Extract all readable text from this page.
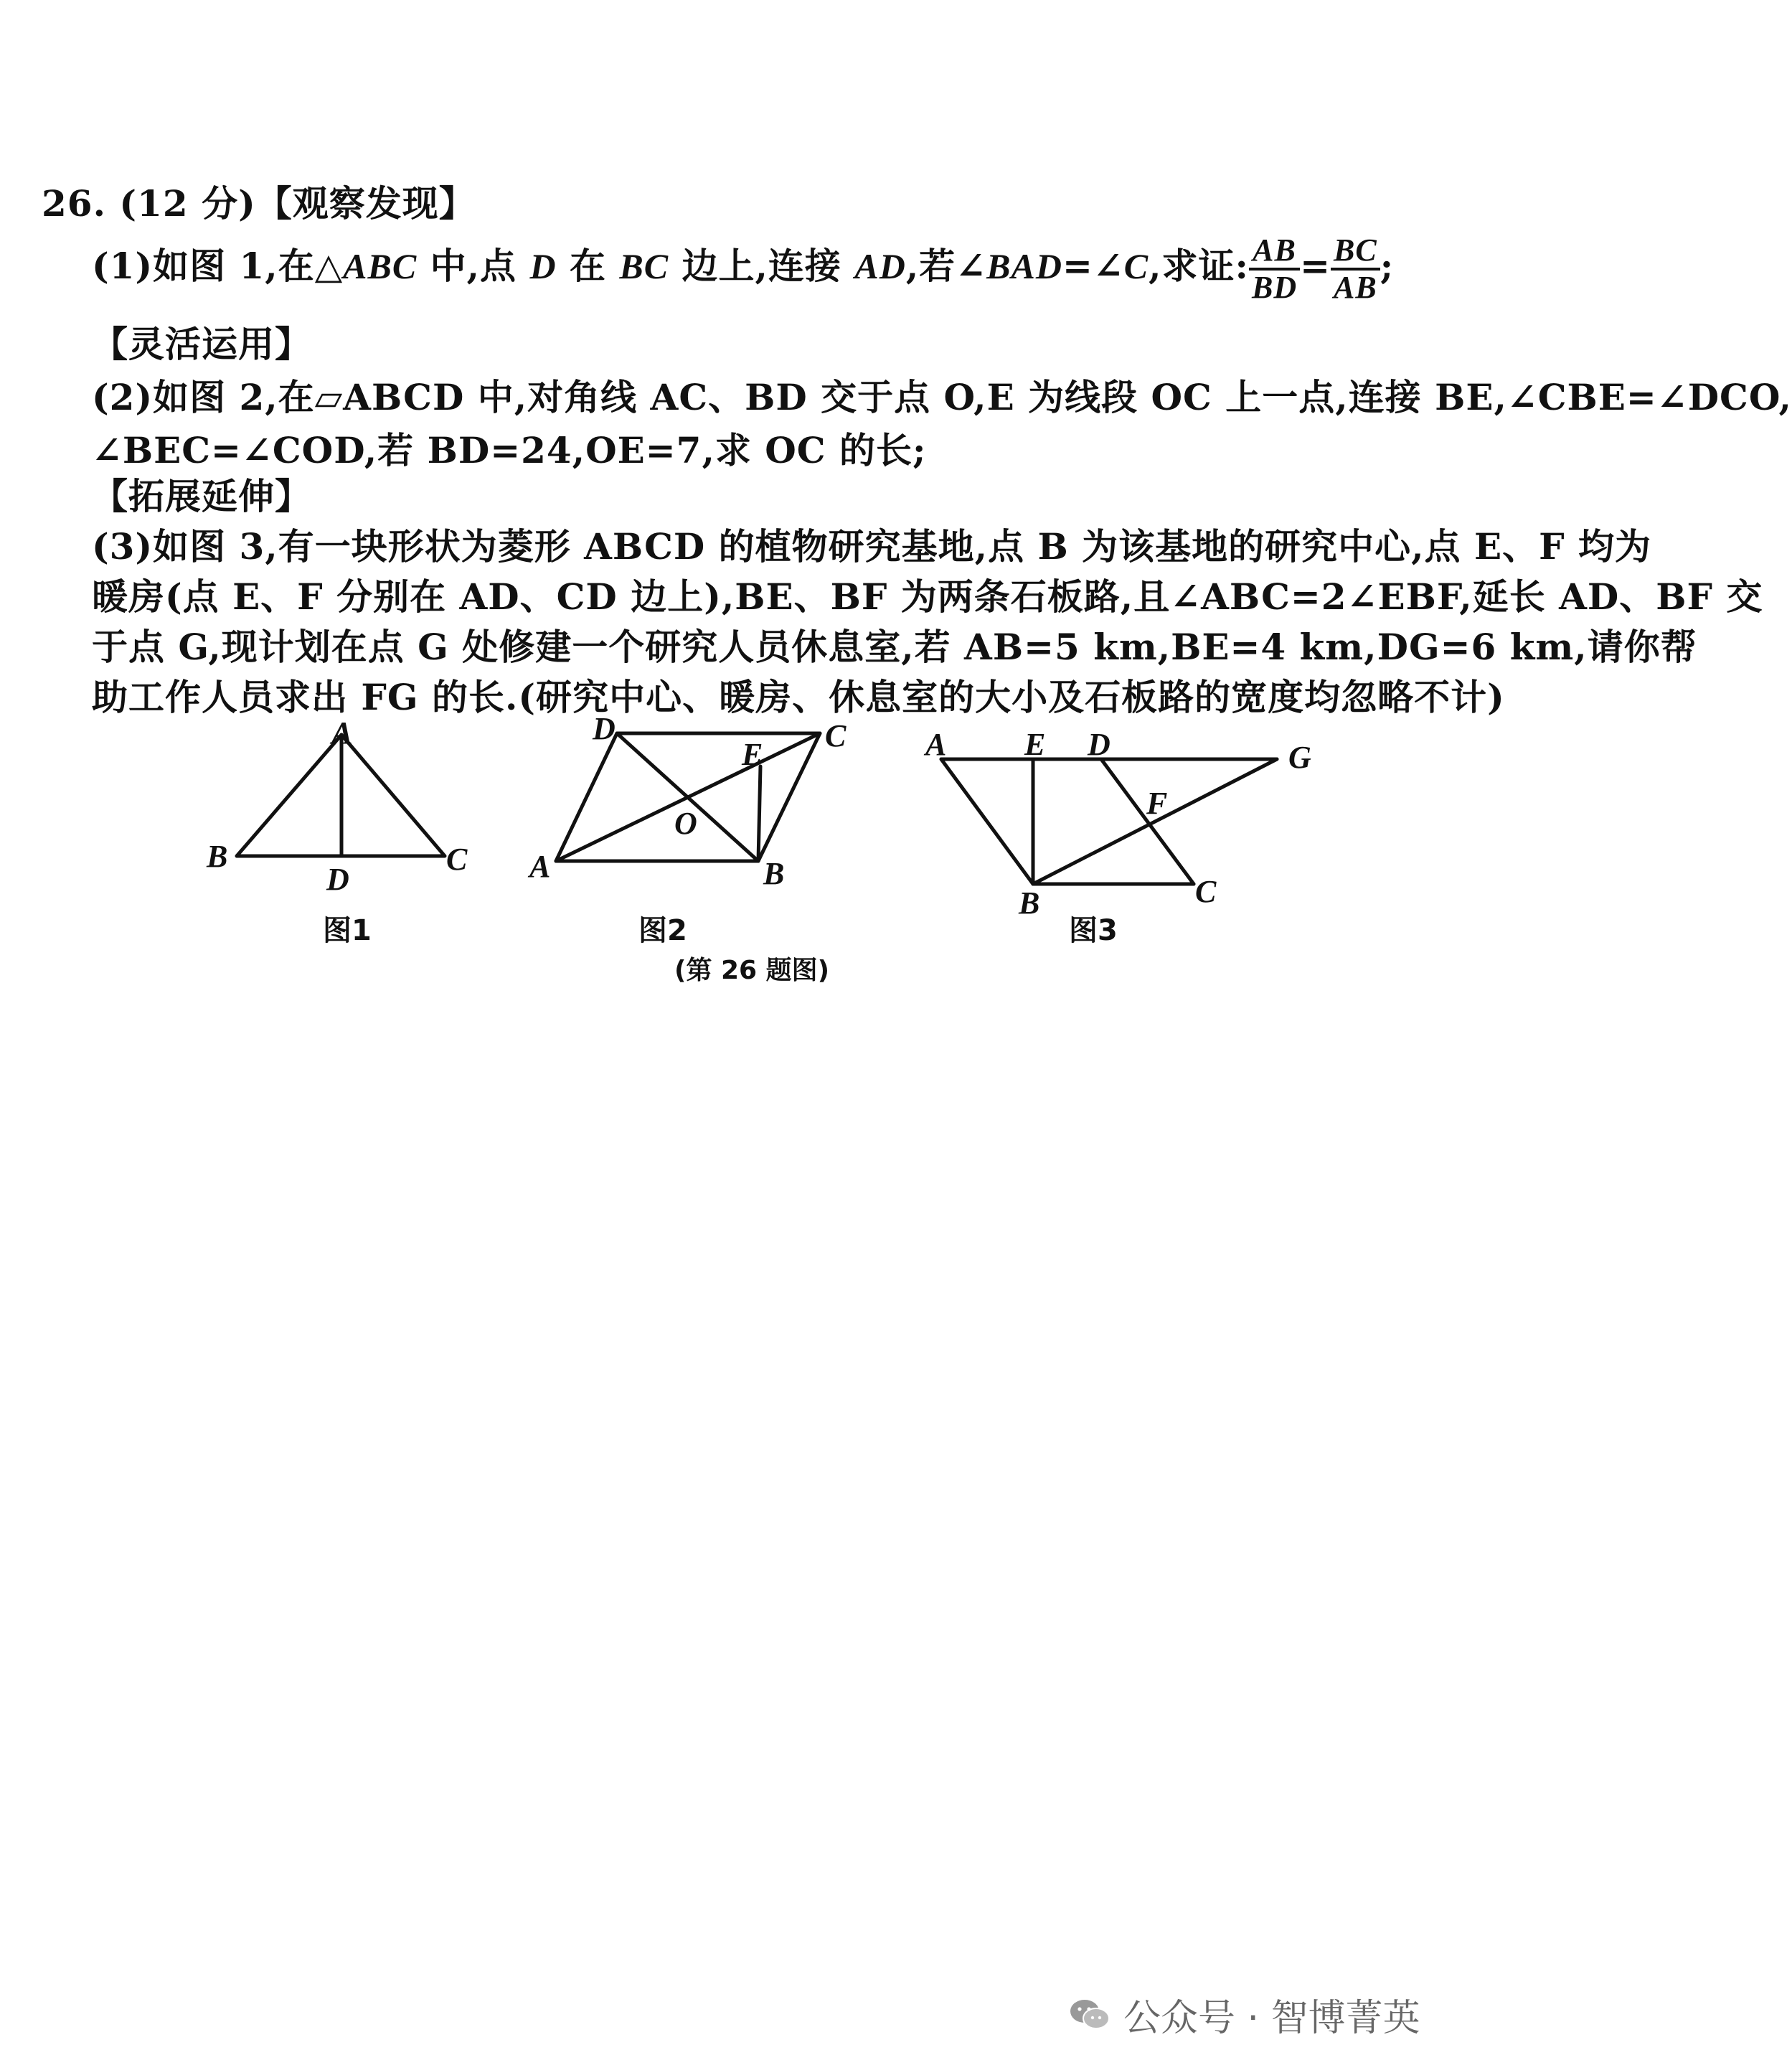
26. (12 分)【观察发现】
(1)如图 1,在△ABC 中,点 D 在 BC 边上,连接 AD,若∠BAD=∠C,求证: $\frac{AB}{BD} = \frac{BC}{AB}$ ;
【灵活运用】
(2)如图 2,在▱ABCD 中,对角线 AC、BD 交于点 O,E 为线段 OC 上一点,连接 BE,∠CBE=∠DCO,
∠BEC=∠COD,若 BD=24,OE=7,求 OC 的长;
【拓展延伸】
(3)如图 3,有一块形状为菱形 ABCD 的植物研究基地,点 B 为该基地的研究中心,点 E、F 均为
暖房(点 E、F 分别在 AD、CD 边上),BE、BF 为两条石板路,且∠ABC=2∠EBF,延长 AD、BF 交
于点 G,现计划在点 G 处修建一个研究人员休息室,若 AB=5 km,BE=4 km,DG=6 km,请你帮
助工作人员求出 FG 的长.(研究中心、暖房、休息室的大小及石板路的宽度均忽略不计)
A
B	C
D
图1
A	B
C
D
E
O
图2
A
B	C
D
E
F
G
图3
(第 26 题图)
公众号 · 智博菁英
